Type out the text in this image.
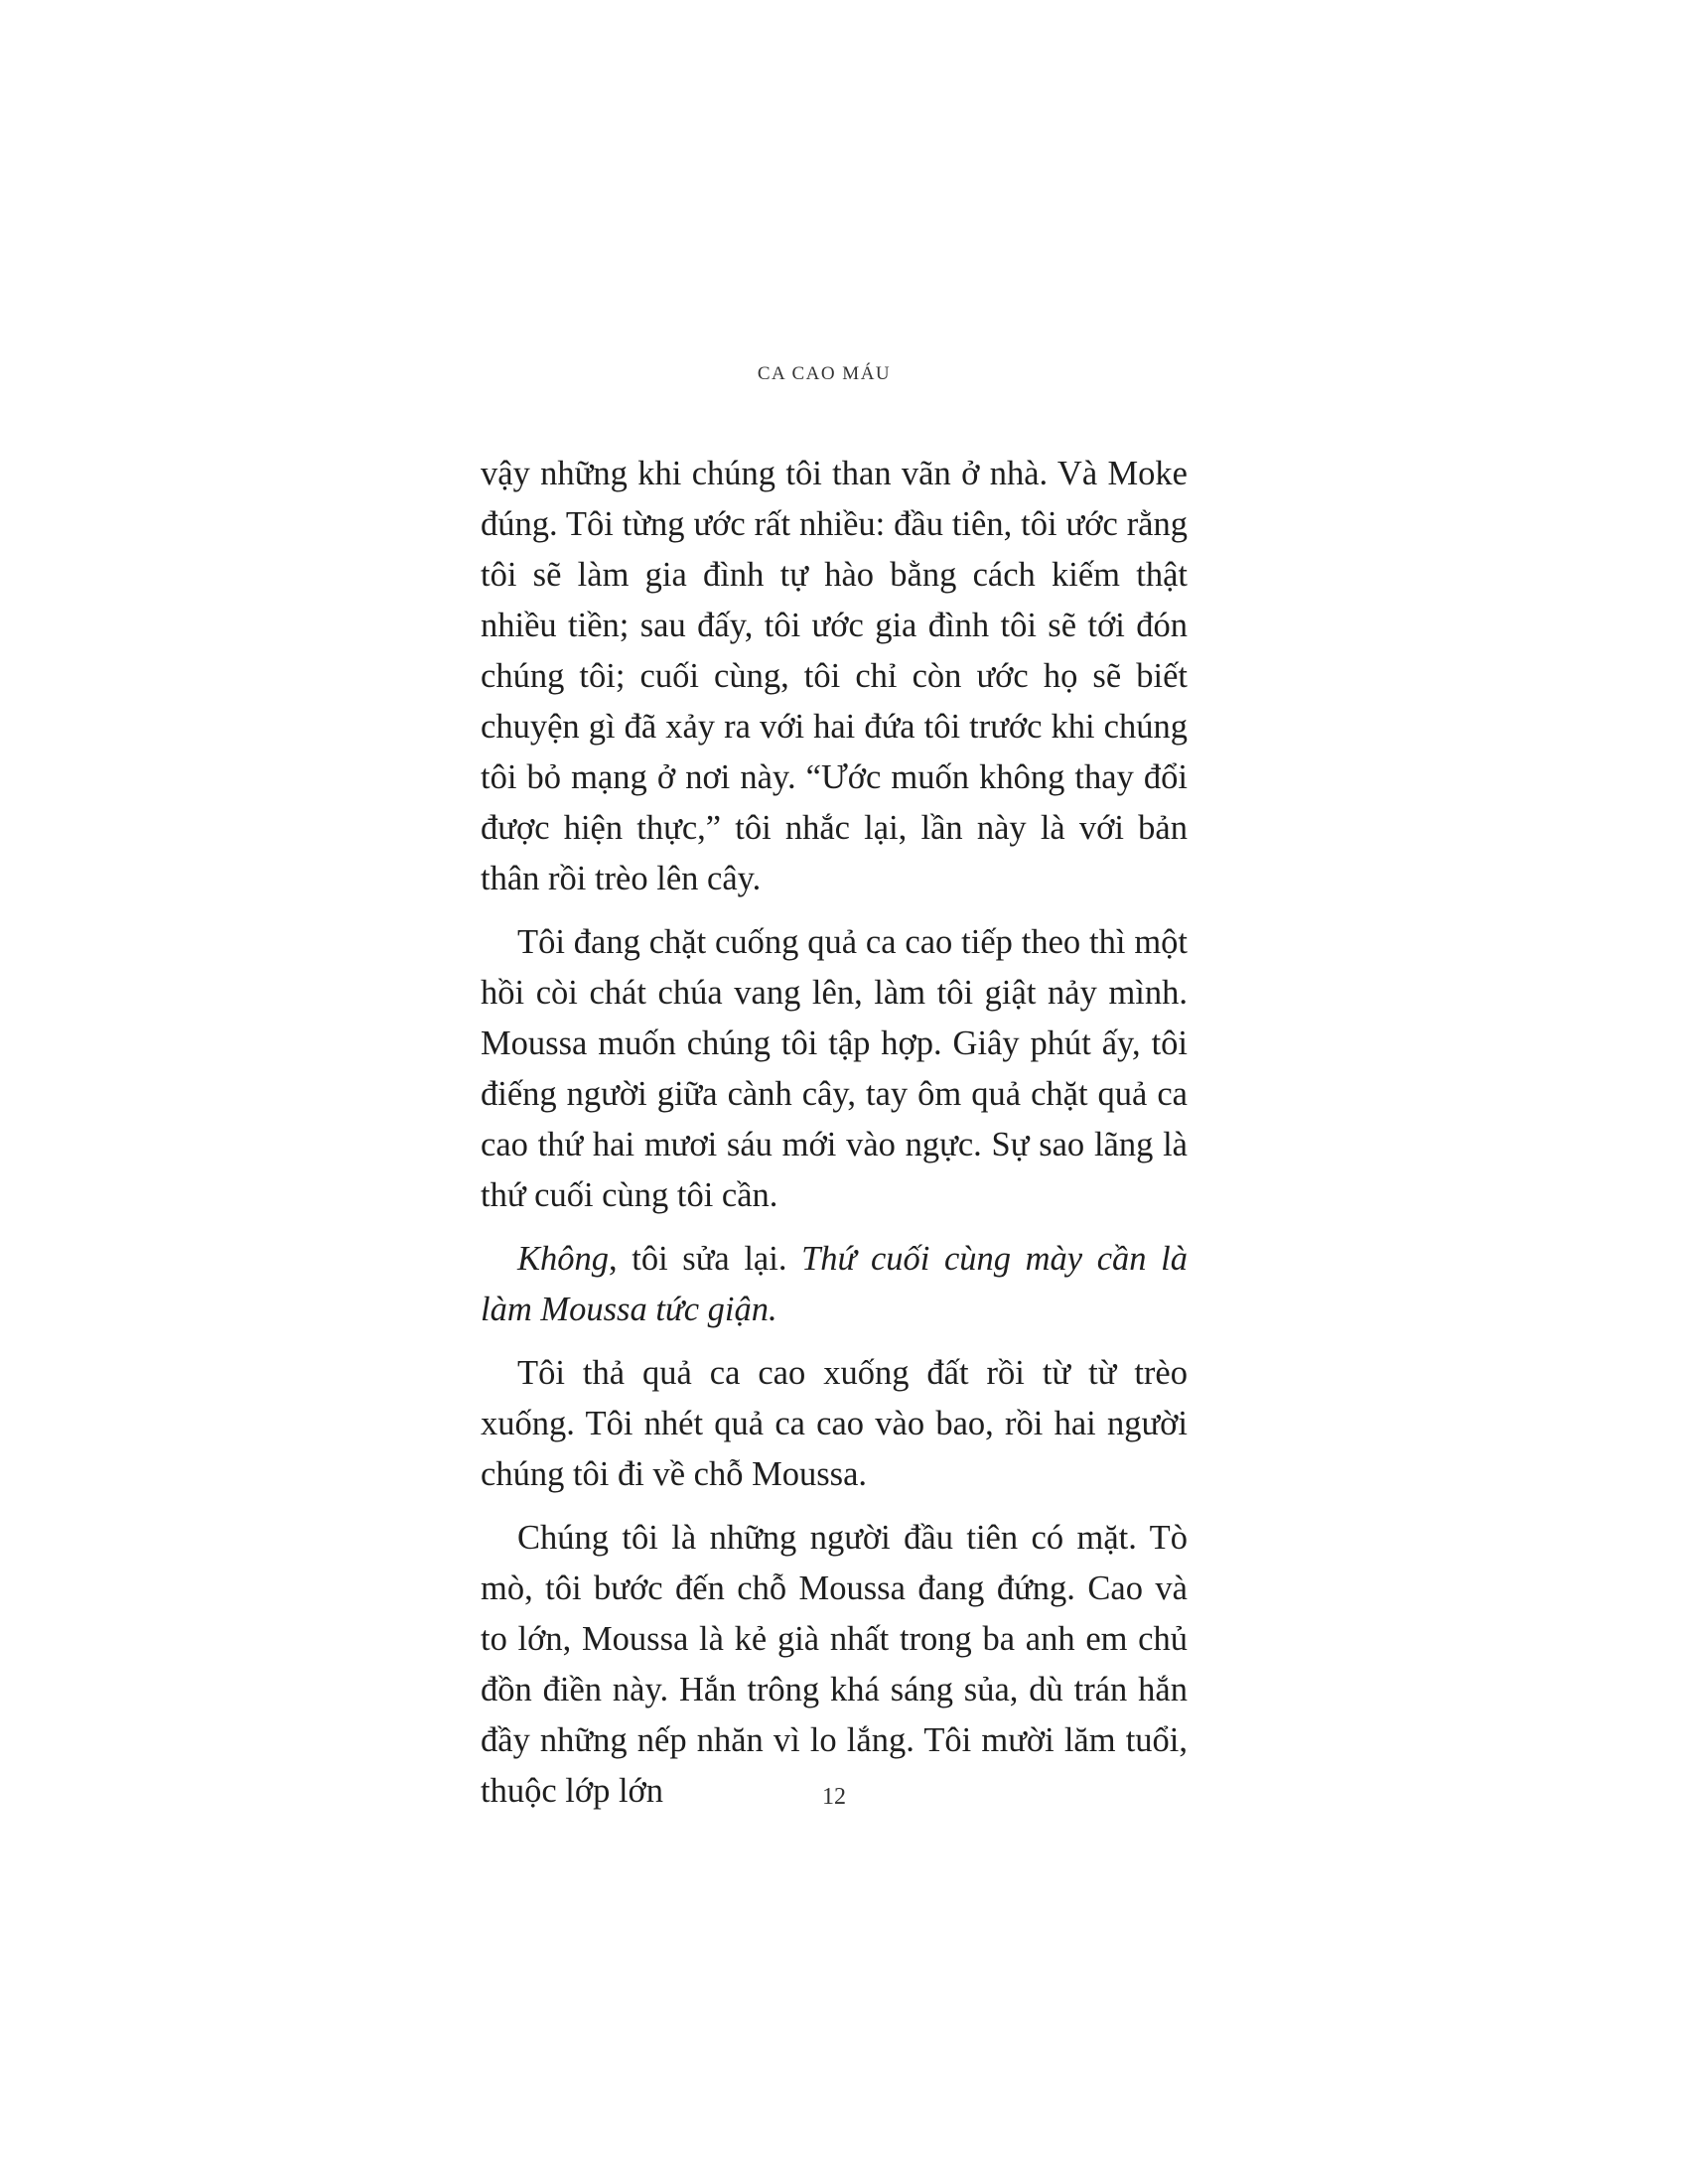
CA CAO MÁU

vậy những khi chúng tôi than vãn ở nhà. Và Moke đúng. Tôi từng ước rất nhiều: đầu tiên, tôi ước rằng tôi sẽ làm gia đình tự hào bằng cách kiếm thật nhiều tiền; sau đấy, tôi ước gia đình tôi sẽ tới đón chúng tôi; cuối cùng, tôi chỉ còn ước họ sẽ biết chuyện gì đã xảy ra với hai đứa tôi trước khi chúng tôi bỏ mạng ở nơi này. “Ước muốn không thay đổi được hiện thực,” tôi nhắc lại, lần này là với bản thân rồi trèo lên cây.

Tôi đang chặt cuống quả ca cao tiếp theo thì một hồi còi chát chúa vang lên, làm tôi giật nảy mình. Moussa muốn chúng tôi tập hợp. Giây phút ấy, tôi điếng người giữa cành cây, tay ôm quả chặt quả ca cao thứ hai mươi sáu mới vào ngực. Sự sao lãng là thứ cuối cùng tôi cần.

Không, tôi sửa lại. Thứ cuối cùng mày cần là làm Moussa tức giận.

Tôi thả quả ca cao xuống đất rồi từ từ trèo xuống. Tôi nhét quả ca cao vào bao, rồi hai người chúng tôi đi về chỗ Moussa.

Chúng tôi là những người đầu tiên có mặt. Tò mò, tôi bước đến chỗ Moussa đang đứng. Cao và to lớn, Moussa là kẻ già nhất trong ba anh em chủ đồn điền này. Hắn trông khá sáng sủa, dù trán hắn đầy những nếp nhăn vì lo lắng. Tôi mười lăm tuổi, thuộc lớp lớn	12
